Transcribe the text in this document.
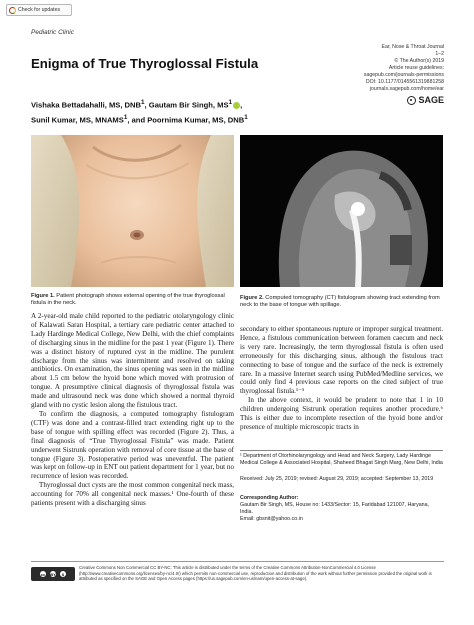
Check for updates
Pediatric Clinic
Ear, Nose & Throat Journal
1–2
© The Author(s) 2019
Article reuse guidelines:
sagepub.com/journals-permissions
DOI: 10.1177/0145561319881258
journals.sagepub.com/home/ear
SAGE
Enigma of True Thyroglossal Fistula
Vishaka Bettadahalli, MS, DNB$^1$, Gautam Bir Singh, $MS^1$ ,
Sunil Kumar, MS, MNAMS$^1$, and Poornima Kumar, MS, DNB$^1$
Figure 1. Patient photograph shows external opening of the true thyroglossal fistula in the neck.
Figure 2. Computed tomography (CT) fistulogram showing tract extending from neck to the base of tongue with spillage.

A 2-year-old male child reported to the pediatric otolaryngology clinic of Kalawati Saran Hospital, a tertiary care pediatric center attached to Lady Hardinge Medical College, New Delhi, with the chief complaints of discharging sinus in the midline for the past 1 year (Figure 1). There was a distinct history of ruptured cyst in the midline. The purulent discharge from the sinus was intermittent and resolved on taking antibiotics. On examination, the sinus opening was seen in the midline about 1.5 cm below the hyoid bone which moved with protrusion of tongue. A presumptive clinical diagnosis of thyroglossal fistula was made and ultrasound neck was done which showed a normal thyroid gland with no cystic lesion along the fistulous tract.

To confirm the diagnosis, a computed tomography fistulogram (CTF) was done and a contrast-filled tract extending right up to the base of tongue with spilling effect was recorded (Figure 2). Thus, a final diagnosis of “True Thyroglossal Fistula” was made. Patient underwent Sistrunk operation with removal of core tissue at the base of tongue (Figure 3). Postoperative period was uneventful. The patient was kept on follow-up in ENT out patient department for 1 year, but no recurrence of lesion was recorded.

Thyroglossal duct cysts are the most common congenital neck mass, accounting for 70% all congenital neck masses.¹ One-fourth of these patients present with a discharging sinus

secondary to either spontaneous rupture or improper surgical treatment. Hence, a fistulous communication between foramen caecum and neck is very rare. Increasingly, the term thyroglossal fistula is often used erroneously for this discharging sinus, although the fistulous tract connecting to base of tongue and the surface of the neck is extremely rare. In a massive Internet search using PubMed/Medline services, we could only find 4 previous case reports on the cited subject of true thyroglossal fistula.¹⁻⁵

In the above context, it would be prudent to note that 1 in 10 children undergoing Sistrunk operation requires another procedure.⁶ This is either due to incomplete resection of the hyoid bone and/or presence of multiple microscopic tracts in

¹ Department of Otorhinolaryngology and Head and Neck Surgery, Lady Hardinge Medical College & Associated Hospital, Shaheed Bhagat Singh Marg, New Delhi, India
Received: July 25, 2019; revised: August 29, 2019; accepted: September 13, 2019
Corresponding Author:
Gautam Bir Singh, MS, House no: 1433/Sector: 15, Faridabad 121007, Haryana, India.
Email: gbsnit@yahoo.co.in
cc	BY	$
Creative Commons Non Commercial CC BY-NC: This article is distributed under the terms of the Creative Commons Attribution-NonCommercial 4.0 License (http://www.creativecommons.org/licenses/by-nc/4.0/) which permits non-commercial use, reproduction and distribution of the work without further permission provided the original work is attributed as specified on the SAGE and Open Access pages (https://us.sagepub.com/en-us/nam/open-access-at-sage).
